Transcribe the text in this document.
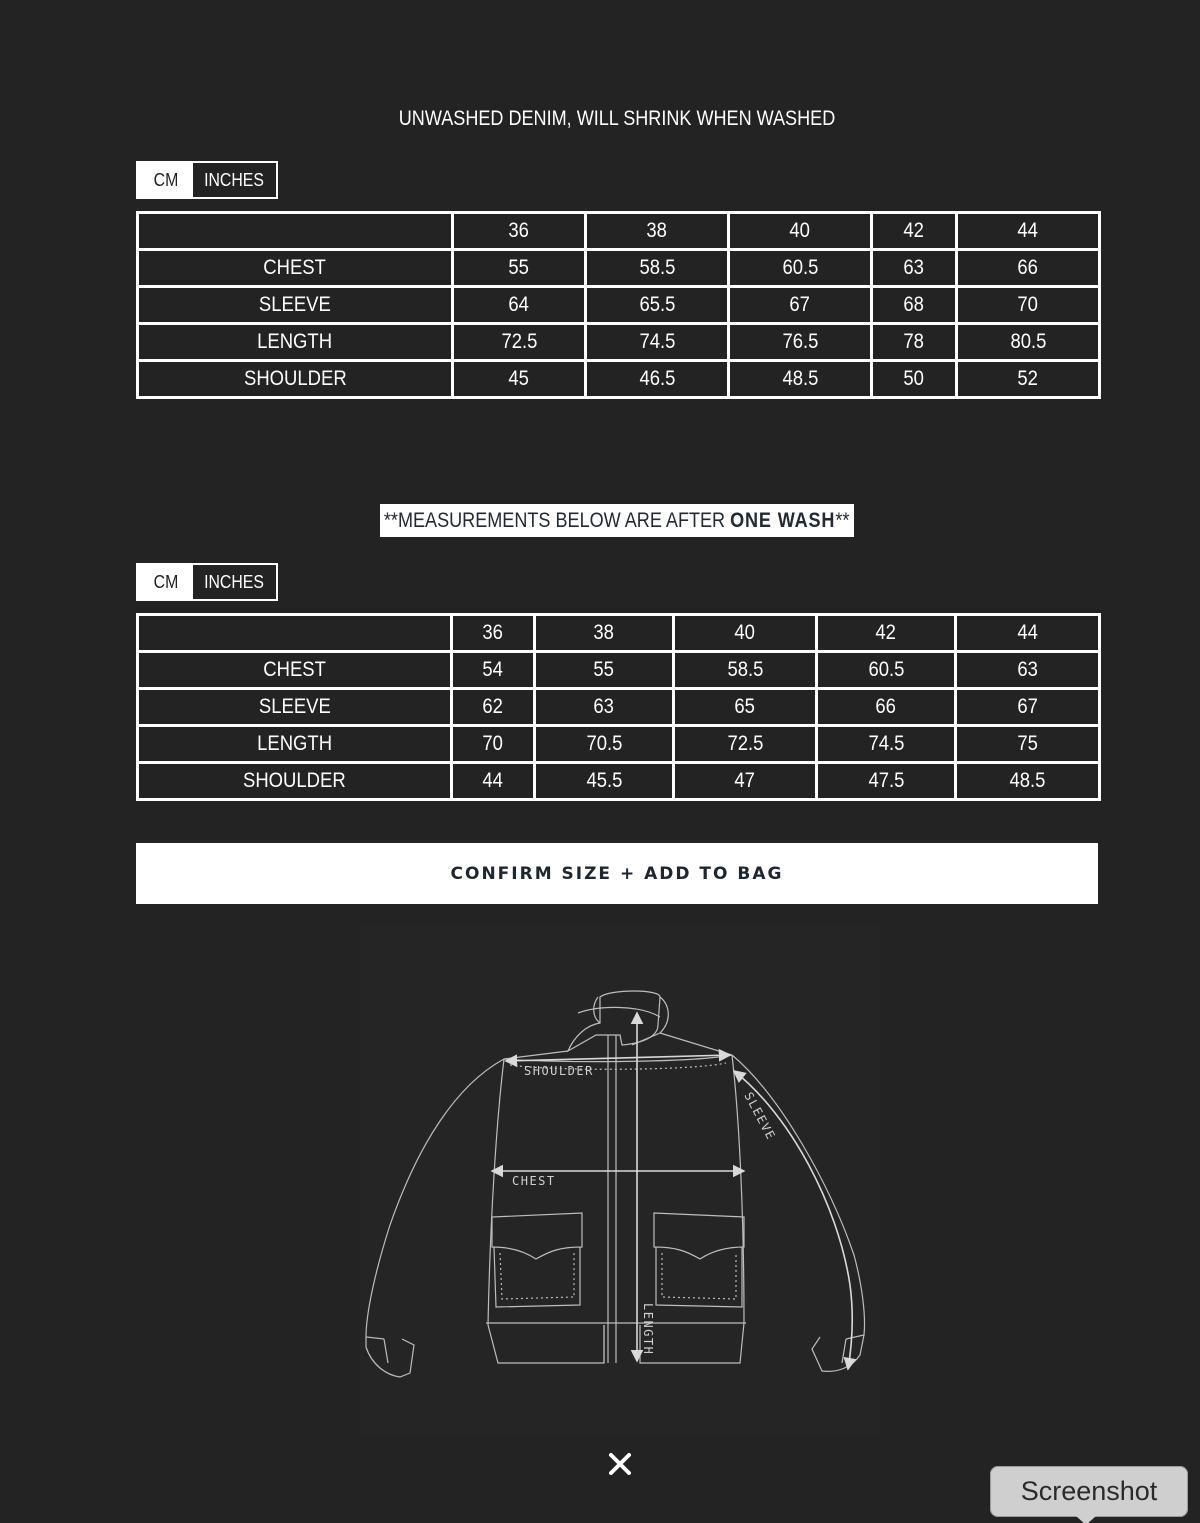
UNWASHED DENIM, WILL SHRINK WHEN WASHED
CM INCHES
	36	38	40	42	44
CHEST	55	58.5	60.5	63	66
SLEEVE	64	65.5	67	68	70
LENGTH	72.5	74.5	76.5	78	80.5
SHOULDER	45	46.5	48.5	50	52
**MEASUREMENTS BELOW ARE AFTER ONE WASH**
CM INCHES
	36	38	40	42	44
CHEST	54	55	58.5	60.5	63
SLEEVE	62	63	65	66	67
LENGTH	70	70.5	72.5	74.5	75
SHOULDER	44	45.5	47	47.5	48.5
CONFIRM SIZE + ADD TO BAG
SHOULDER
CHEST
SLEEVE
LENGTH
Screenshot
